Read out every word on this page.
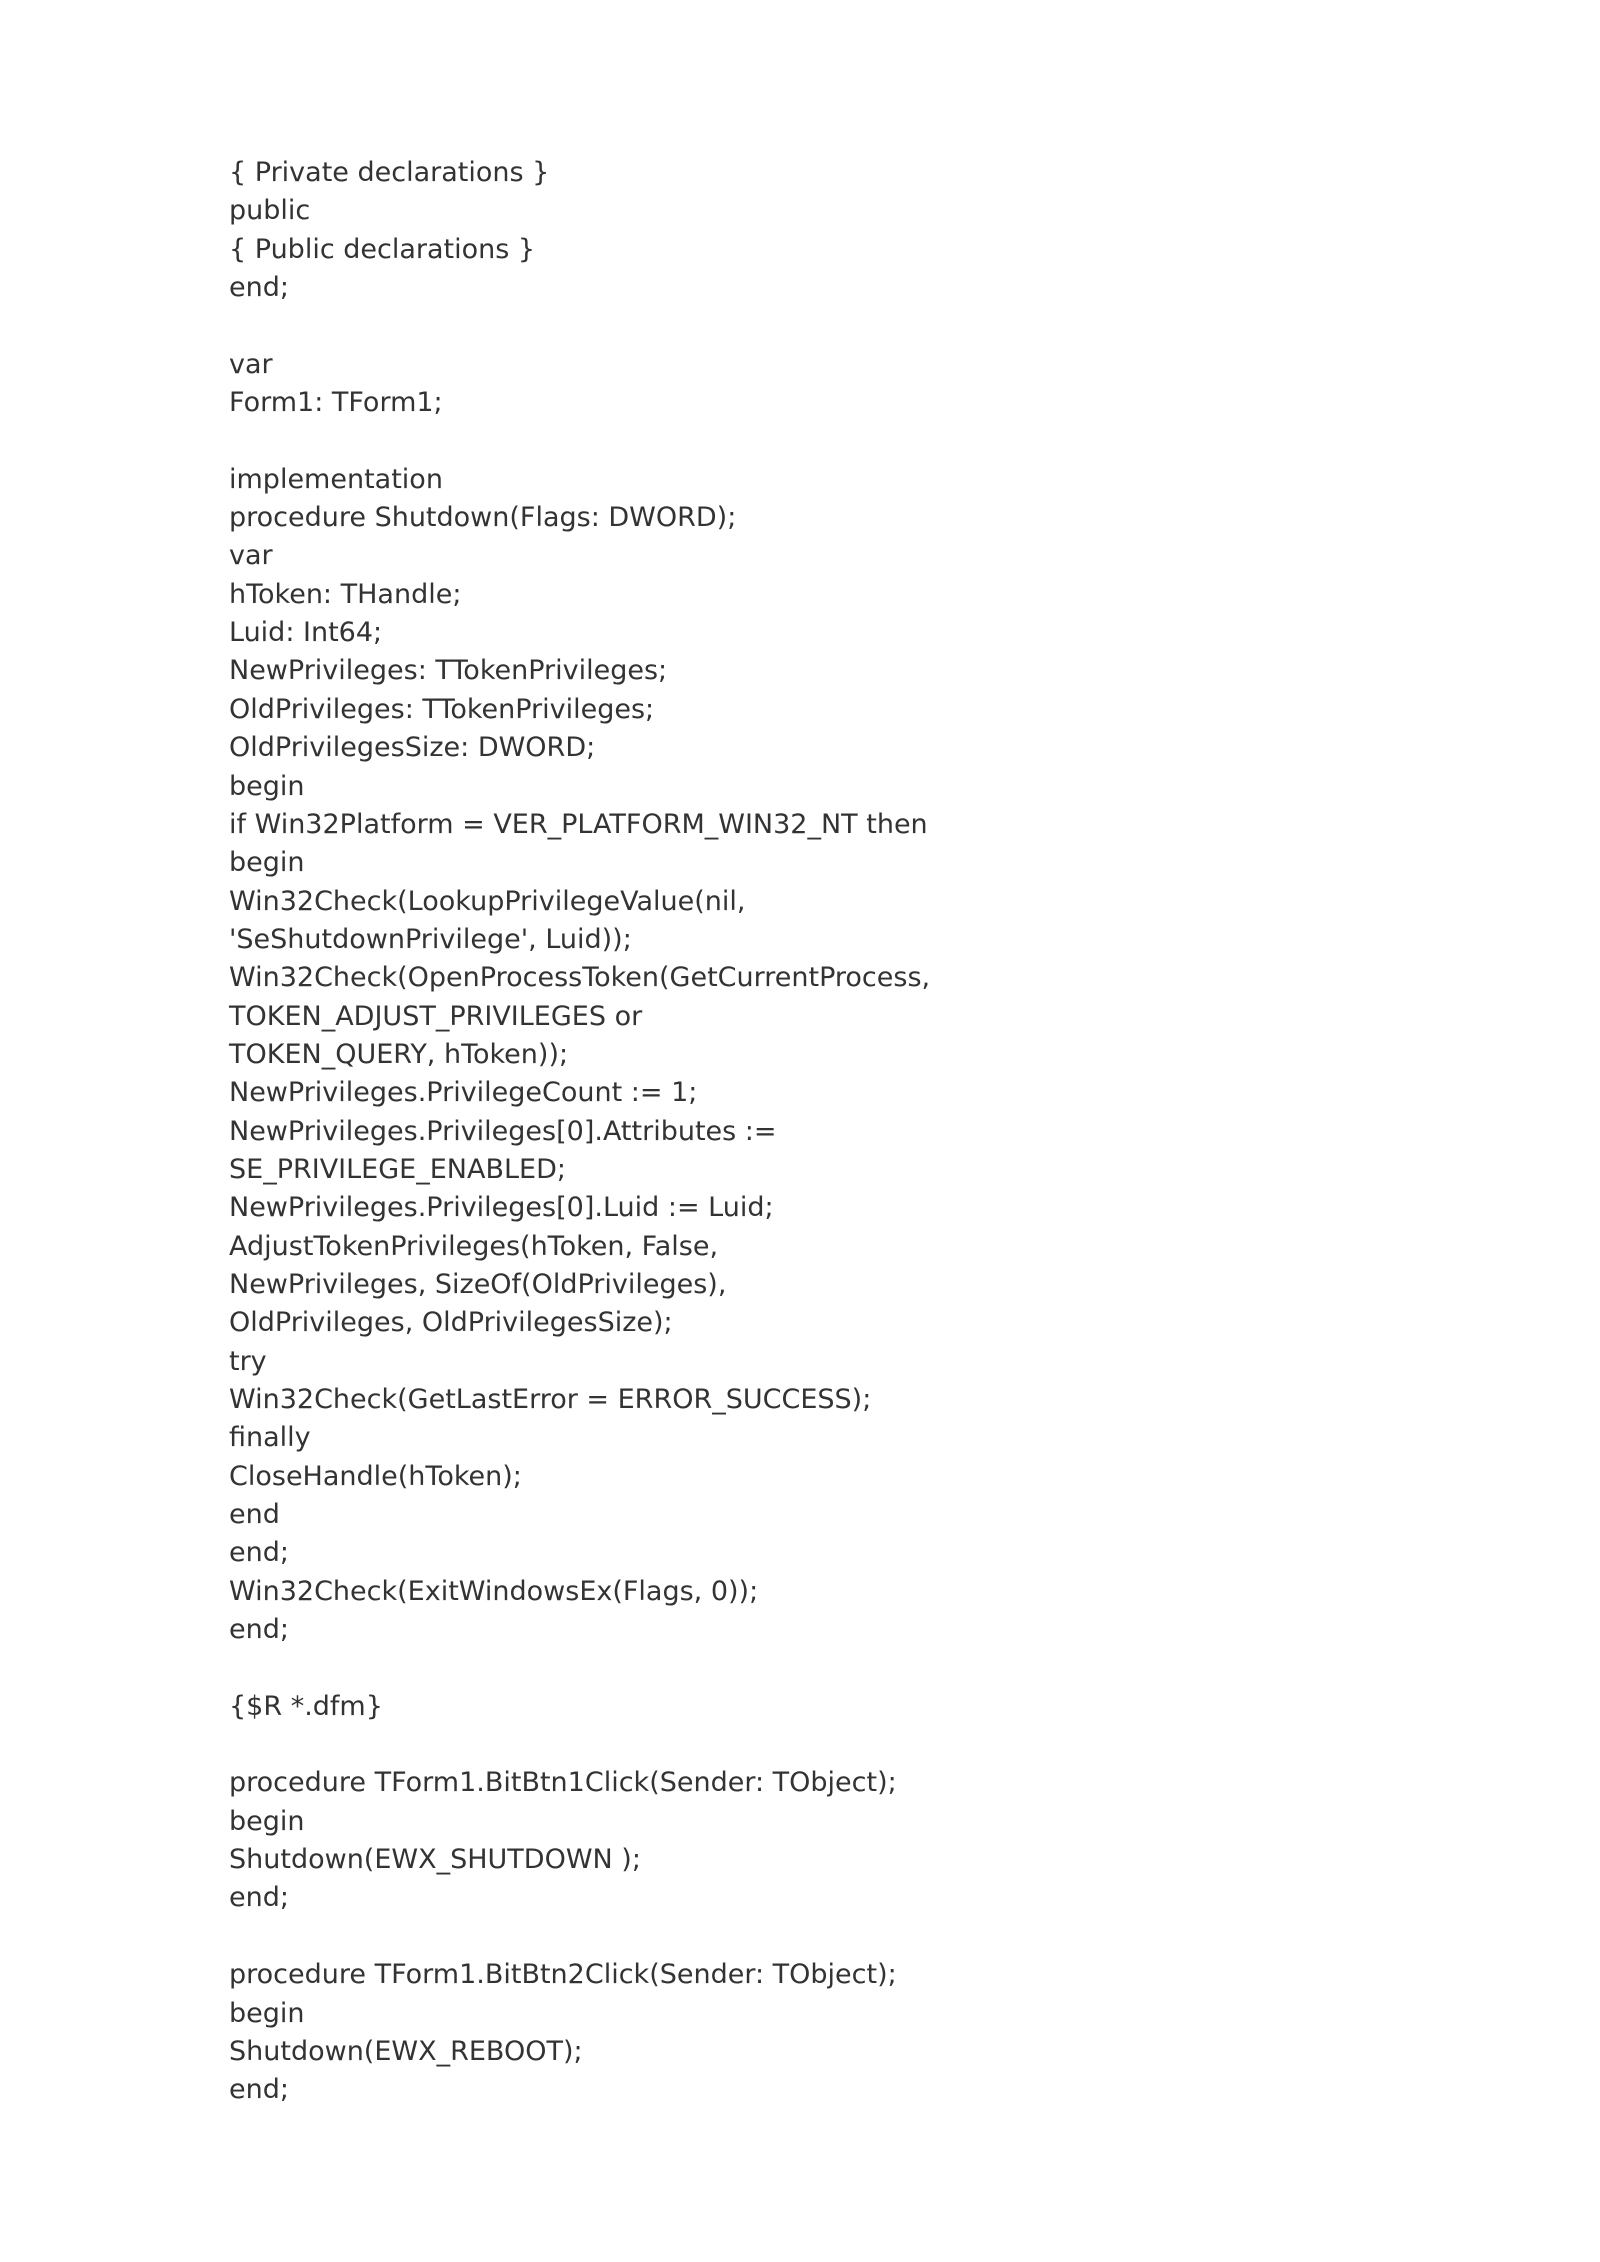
{ Private declarations }
public
{ Public declarations }
end;
var
Form1: TForm1;
implementation
procedure Shutdown(Flags: DWORD);
var
hToken: THandle;
Luid: Int64;
NewPrivileges: TTokenPrivileges;
OldPrivileges: TTokenPrivileges;
OldPrivilegesSize: DWORD;
begin
if Win32Platform = VER_PLATFORM_WIN32_NT then
begin
Win32Check(LookupPrivilegeValue(nil,
'SeShutdownPrivilege', Luid));
Win32Check(OpenProcessToken(GetCurrentProcess,
TOKEN_ADJUST_PRIVILEGES or
TOKEN_QUERY, hToken));
NewPrivileges.PrivilegeCount := 1;
NewPrivileges.Privileges[0].Attributes :=
SE_PRIVILEGE_ENABLED;
NewPrivileges.Privileges[0].Luid := Luid;
AdjustTokenPrivileges(hToken, False,
NewPrivileges, SizeOf(OldPrivileges),
OldPrivileges, OldPrivilegesSize);
try
Win32Check(GetLastError = ERROR_SUCCESS);
finally
CloseHandle(hToken);
end
end;
Win32Check(ExitWindowsEx(Flags, 0));
end;
{$R *.dfm}
procedure TForm1.BitBtn1Click(Sender: TObject);
begin
Shutdown(EWX_SHUTDOWN );
end;
procedure TForm1.BitBtn2Click(Sender: TObject);
begin
Shutdown(EWX_REBOOT);
end;
